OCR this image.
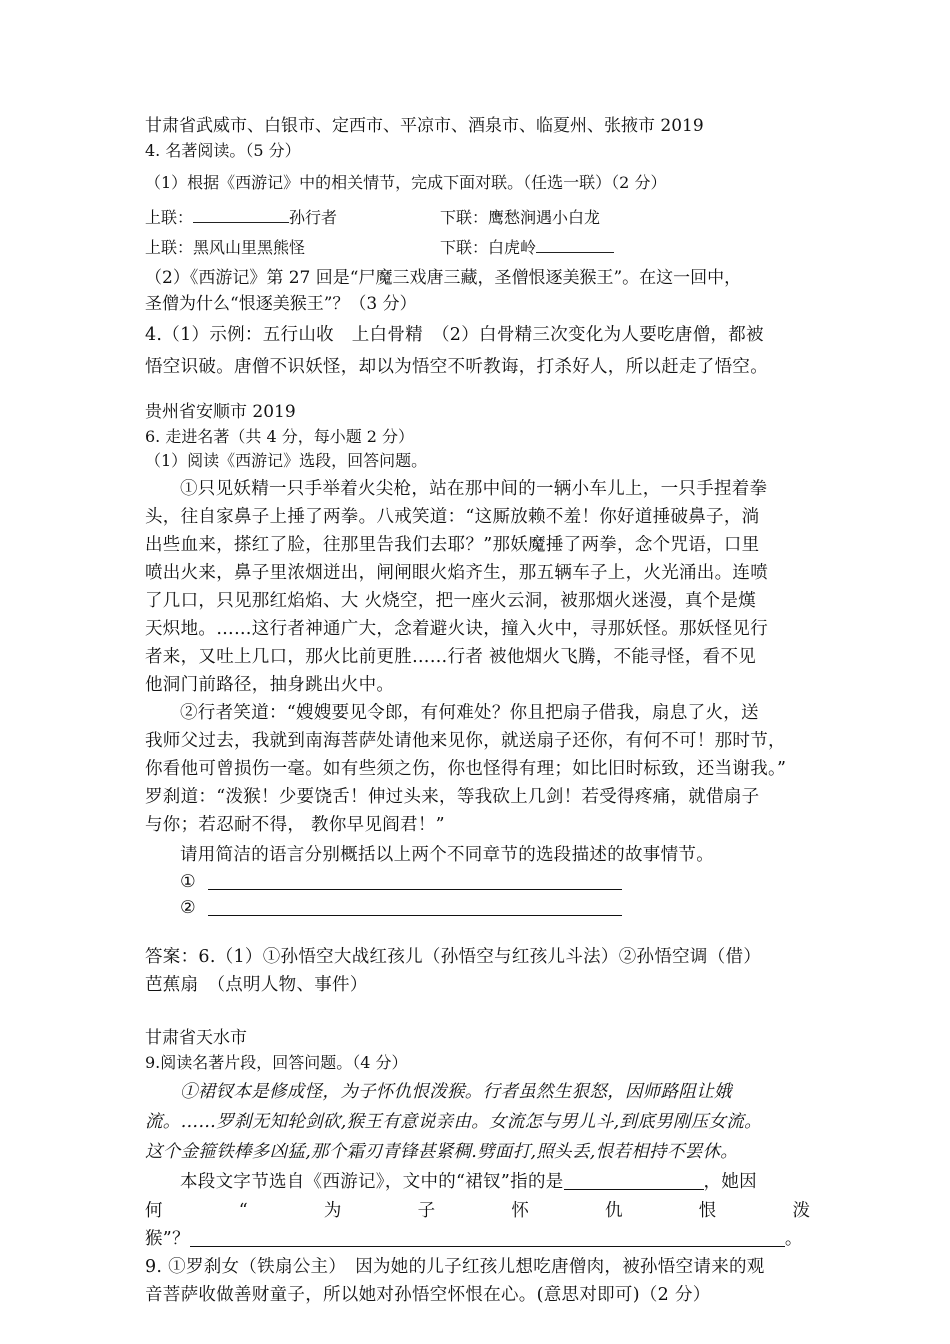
甘肃省武威市、白银市、定西市、平凉市、酒泉市、临夏州、张掖市 2019
4. 名著阅读。（5 分）
（1）根据《西游记》中的相关情节，完成下面对联。（任选一联）（2 分）
上联：	孙行者	下联：鹰愁涧遇小白龙
上联：黑风山里黑熊怪	下联：白虎岭
（2）《西游记》第 27 回是“尸魔三戏唐三藏，圣僧恨逐美猴王”。在这一回中，
圣僧为什么“恨逐美猴王”？（3 分）
4.（1）示例：五行山收　上白骨精　（2）白骨精三次变化为人要吃唐僧，都被
悟空识破。唐僧不识妖怪，却以为悟空不听教诲，打杀好人，所以赶走了悟空。
贵州省安顺市 2019
6. 走进名著（共 4 分，每小题 2 分）
（1）阅读《西游记》选段，回答问题。
①只见妖精一只手举着火尖枪，站在那中间的一辆小车儿上，一只手捏着拳
头，往自家鼻子上捶了两拳。八戒笑道：“这厮放赖不羞！你好道捶破鼻子，淌
出些血来，搽红了脸，往那里告我们去耶？”那妖魔捶了两拳，念个咒语，口里
喷出火来，鼻子里浓烟迸出，闸闸眼火焰齐生，那五辆车子上，火光涌出。连喷
了几口，只见那红焰焰、大 火烧空，把一座火云洞，被那烟火迷漫，真个是熯
天炽地。……这行者神通广大，念着避火诀，撞入火中，寻那妖怪。那妖怪见行
者来，又吐上几口，那火比前更胜……行者 被他烟火飞腾，不能寻怪，看不见
他洞门前路径，抽身跳出火中。
②行者笑道：“嫂嫂要见令郎，有何难处？你且把扇子借我，扇息了火，送
我师父过去，我就到南海菩萨处请他来见你，就送扇子还你，有何不可！那时节，
你看他可曾损伤一毫。如有些须之伤，你也怪得有理；如比旧时标致，还当谢我。”
罗刹道：“泼猴！少要饶舌！伸过头来，等我砍上几剑！若受得疼痛，就借扇子
与你；若忍耐不得， 教你早见阎君！”
请用简洁的语言分别概括以上两个不同章节的选段描述的故事情节。
①
②
答案：6.（1）①孙悟空大战红孩儿（孙悟空与红孩儿斗法）②孙悟空调（借）
芭蕉扇　（点明人物、事件）
甘肃省天水市
9.阅读名著片段，回答问题。（4 分）
①裙钗本是修成怪，为子怀仇恨泼猴。行者虽然生狠怒，因师路阻让娥
流。……罗刹无知轮剑砍,猴王有意说亲由。女流怎与男儿斗,到底男刚压女流。
这个金箍铁棒多凶猛,那个霜刃青锋甚紧稠.劈面打,照头丢,恨若相持不罢休。
本段文字节选自《西游记》，文中的“裙钗”指的是	，她因
何	“	为	子	怀	仇	恨	泼
猴”？	。
9. ①罗刹女（铁扇公主）　因为她的儿子红孩儿想吃唐僧肉，被孙悟空请来的观
音菩萨收做善财童子，所以她对孙悟空怀恨在心。(意思对即可)（2 分）
